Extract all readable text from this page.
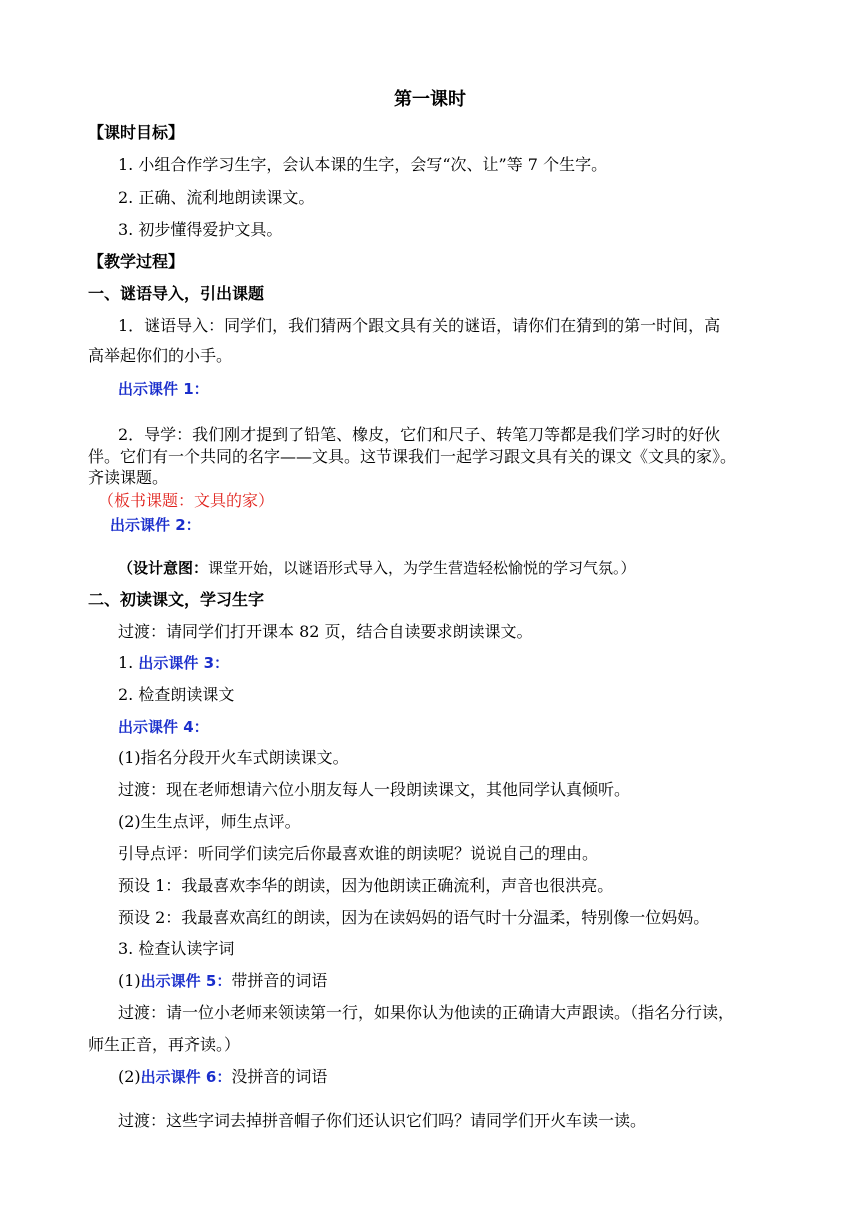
第一课时
【课时目标】
1. 小组合作学习生字，会认本课的生字，会写“次、让”等 7 个生字。
2. 正确、流利地朗读课文。
3. 初步懂得爱护文具。
【教学过程】
一、谜语导入，引出课题
1．谜语导入：同学们，我们猜两个跟文具有关的谜语，请你们在猜到的第一时间，高
高举起你们的小手。
出示课件 1：
2．导学：我们刚才提到了铅笔、橡皮，它们和尺子、转笔刀等都是我们学习时的好伙
伴。它们有一个共同的名字——文具。这节课我们一起学习跟文具有关的课文《文具的家》。
齐读课题。
（板书课题：文具的家）
出示课件 2：
（设计意图：课堂开始，以谜语形式导入，为学生营造轻松愉悦的学习气氛。）
二、初读课文，学习生字
过渡：请同学们打开课本 82 页，结合自读要求朗读课文。
1. 出示课件 3：
2. 检查朗读课文
出示课件 4：
(1)指名分段开火车式朗读课文。
过渡：现在老师想请六位小朋友每人一段朗读课文，其他同学认真倾听。
(2)生生点评，师生点评。
引导点评：听同学们读完后你最喜欢谁的朗读呢？说说自己的理由。
预设 1：我最喜欢李华的朗读，因为他朗读正确流利，声音也很洪亮。
预设 2：我最喜欢高红的朗读，因为在读妈妈的语气时十分温柔，特别像一位妈妈。
3. 检查认读字词
(1)出示课件 5：带拼音的词语
过渡：请一位小老师来领读第一行，如果你认为他读的正确请大声跟读。（指名分行读，
师生正音，再齐读。）
(2)出示课件 6：没拼音的词语
过渡：这些字词去掉拼音帽子你们还认识它们吗？请同学们开火车读一读。
